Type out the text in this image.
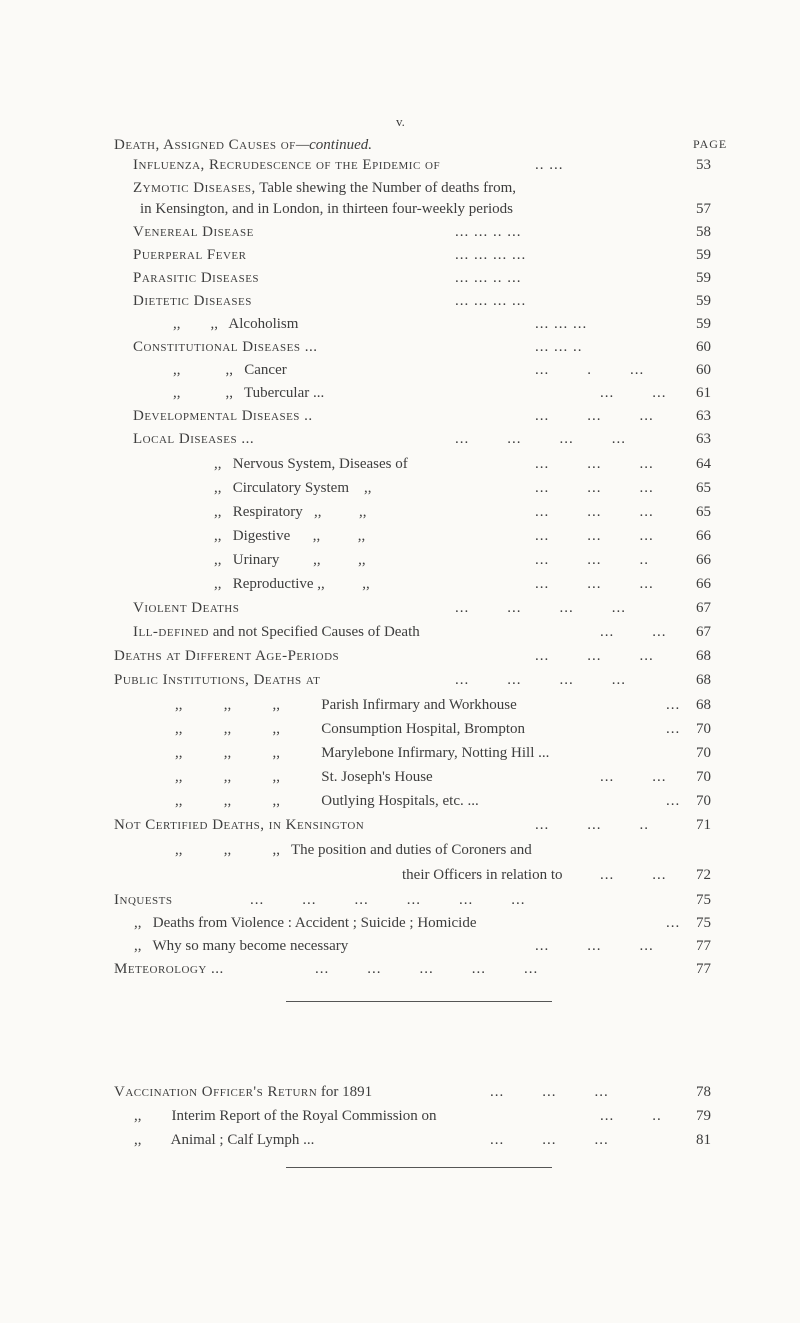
v.
Death, Assigned Causes of—continued.	PAGE
Influenza, Recrudescence of the Epidemic of	.. ...	53
Zymotic Diseases, Table shewing the Number of deaths from,
in Kensington, and in London, in thirteen four-weekly periods	57
Venereal Disease	... ... .. ...	58
Puerperal Fever	... ... ... ...	59
Parasitic Diseases	... ... .. ...	59
Dietetic Diseases	... ... ... ...	59
,,        ,,   Alcoholism	... ... ...	59
Constitutional Diseases ...	... ... ..	60
,,            ,,   Cancer	...        .        ...	60
,,            ,,   Tubercular ...	...        ... 61
Developmental Diseases ..	...        ...        ...	63
Local Diseases ...	...        ...        ...        ...	63
,,   Nervous System, Diseases of	...        ...        ...	64
,,   Circulatory System    ,,	...        ...        ...	65
,,   Respiratory   ,,          ,,	...        ...        ...	65
,,   Digestive      ,,          ,,	...        ...        ...	66
,,   Urinary         ,,          ,,	...        ...        ..	66
,,   Reproductive ,,          ,,	...        ...        ...	66
Violent Deaths	...        ...        ...        ...	67
Ill-defined and not Specified Causes of Death	...        ... 67
Deaths at Different Age-Periods	...        ...        ...	68
Public Institutions, Deaths at	...        ...        ...        ...	68
,,           ,,           ,,           Parish Infirmary and Workhouse	... 68
,,           ,,           ,,           Consumption Hospital, Brompton	... 70
,,           ,,           ,,           Marylebone Infirmary, Notting Hill ...	70
,,           ,,           ,,           St. Joseph's House	...        ... 70
,,           ,,           ,,           Outlying Hospitals, etc. ...	... 70
Not Certified Deaths, in Kensington	...        ...        ..	71
,,           ,,           ,,   The position and duties of Coroners and
their Officers in relation to ...        ... 72
Inquests	...        ...        ...        ...        ...        ...	75
,,   Deaths from Violence : Accident ; Suicide ; Homicide	... 75
,,   Why so many become necessary	...        ...        ...	77
Meteorology ...	...        ...        ...        ...        ...	77
Vaccination Officer's Return for 1891	...        ...        ...	78
,,        Interim Report of the Royal Commission on	...        .. 79
,,        Animal ; Calf Lymph ...	...        ...        ...	81
